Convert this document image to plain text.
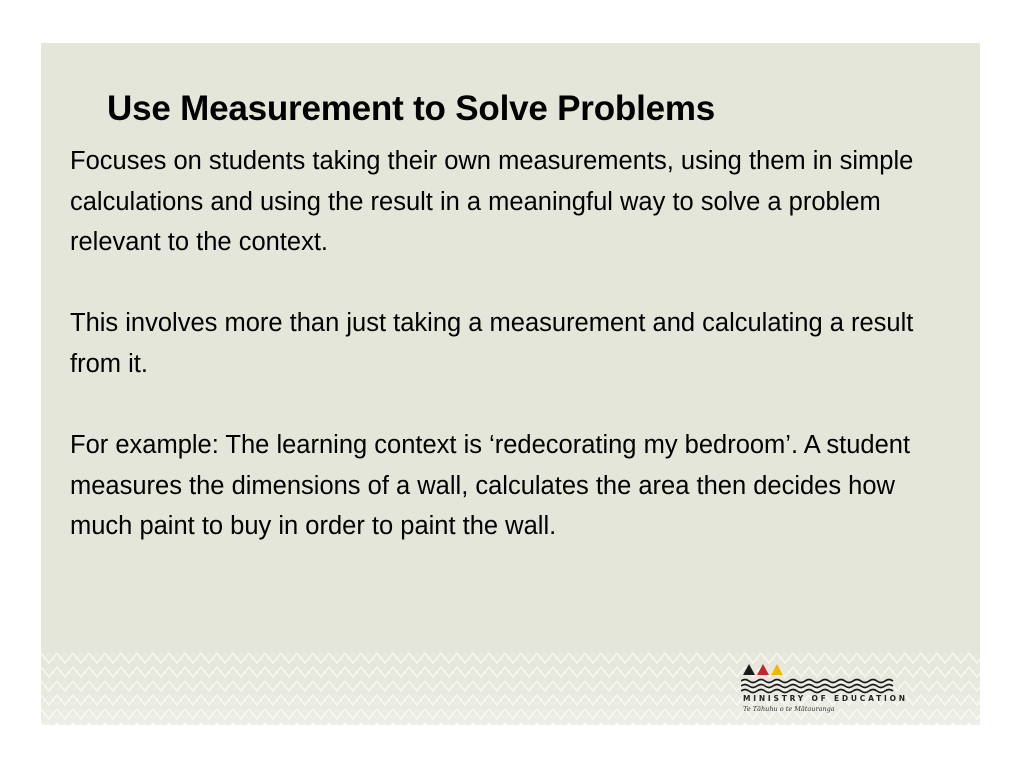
Use Measurement to Solve Problems

Focuses on students taking their own measurements, using them in simple calculations and using the result in a meaningful way to solve a problem relevant to the context.

This involves more than just taking a measurement and calculating a result from it.

For example: The learning context is ‘redecorating my bedroom’. A student measures the dimensions of a wall, calculates the area then decides how much paint to buy in order to paint the wall.

MINISTRY OF EDUCATION
Te Tāhuhu o te Mātauranga
